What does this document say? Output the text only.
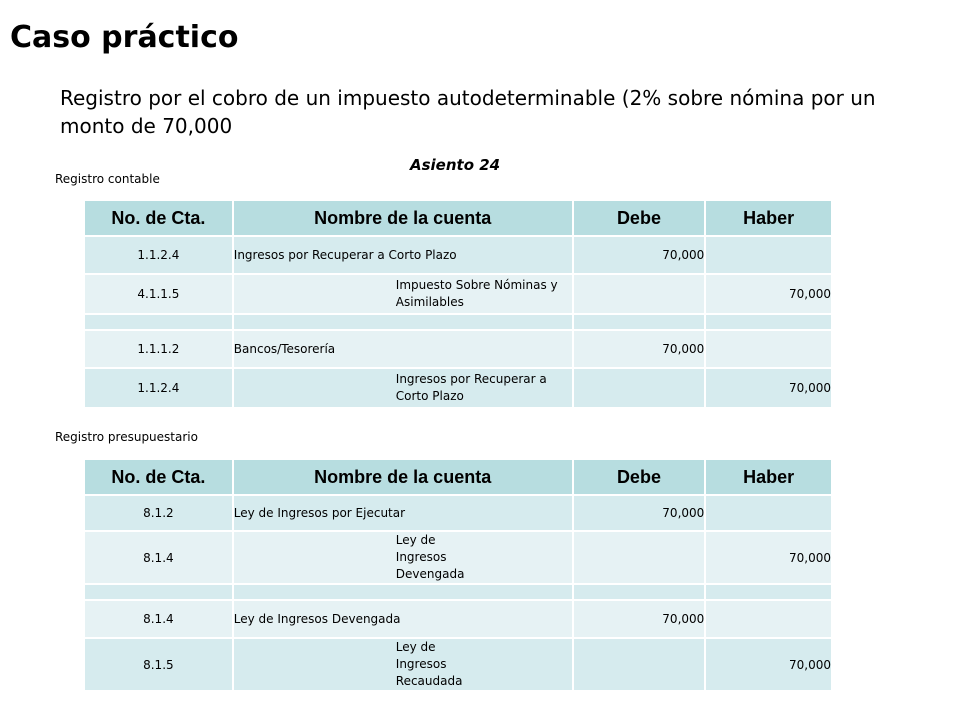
Caso práctico
Registro por el cobro de un impuesto autodeterminable (2% sobre nómina por un monto de 70,000
Asiento 24
Registro contable
No. de Cta.	Nombre de la cuenta	Debe	Haber
1.1.2.4	Ingresos por Recuperar a Corto Plazo	70,000	
4.1.1.5	Impuesto Sobre Nóminas y Asimilables		70,000

1.1.1.2	Bancos/Tesorería	70,000	
1.1.2.4	Ingresos por Recuperar a Corto Plazo		70,000
Registro presupuestario
No. de Cta.	Nombre de la cuenta	Debe	Haber
8.1.2	Ley de Ingresos por Ejecutar	70,000	
8.1.4	Ley de Ingresos Devengada		70,000

8.1.4	Ley de Ingresos Devengada	70,000	
8.1.5	Ley de Ingresos Recaudada		70,000
